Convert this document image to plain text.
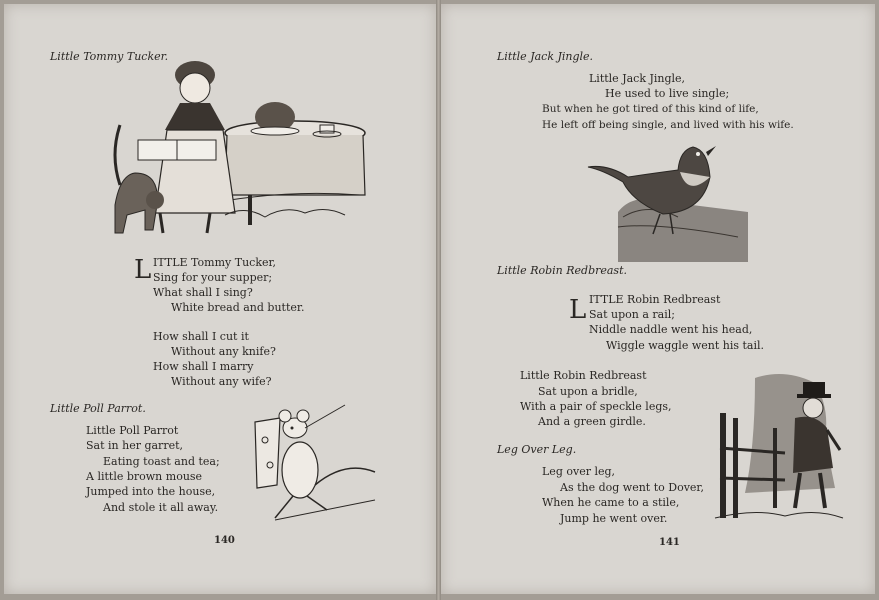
Little Tommy Tucker.
L ITTLE Tommy Tucker,
Sing for your supper;
What shall I sing?
White bread and butter.
How shall I cut it
Without any knife?
How shall I marry
Without any wife?
Little Poll Parrot.
Little Poll Parrot
Sat in her garret,
Eating toast and tea;
A little brown mouse
Jumped into the house,
And stole it all away.
140
Little Jack Jingle.
Little Jack Jingle,
He used to live single;
But when he got tired of this kind of life,
He left off being single, and lived with his wife.
Little Robin Redbreast.
L ITTLE Robin Redbreast
Sat upon a rail;
Niddle naddle went his head,
Wiggle waggle went his tail.
Little Robin Redbreast
Sat upon a bridle,
With a pair of speckle legs,
And a green girdle.
Leg Over Leg.
Leg over leg,
As the dog went to Dover,
When he came to a stile,
Jump he went over.
141
